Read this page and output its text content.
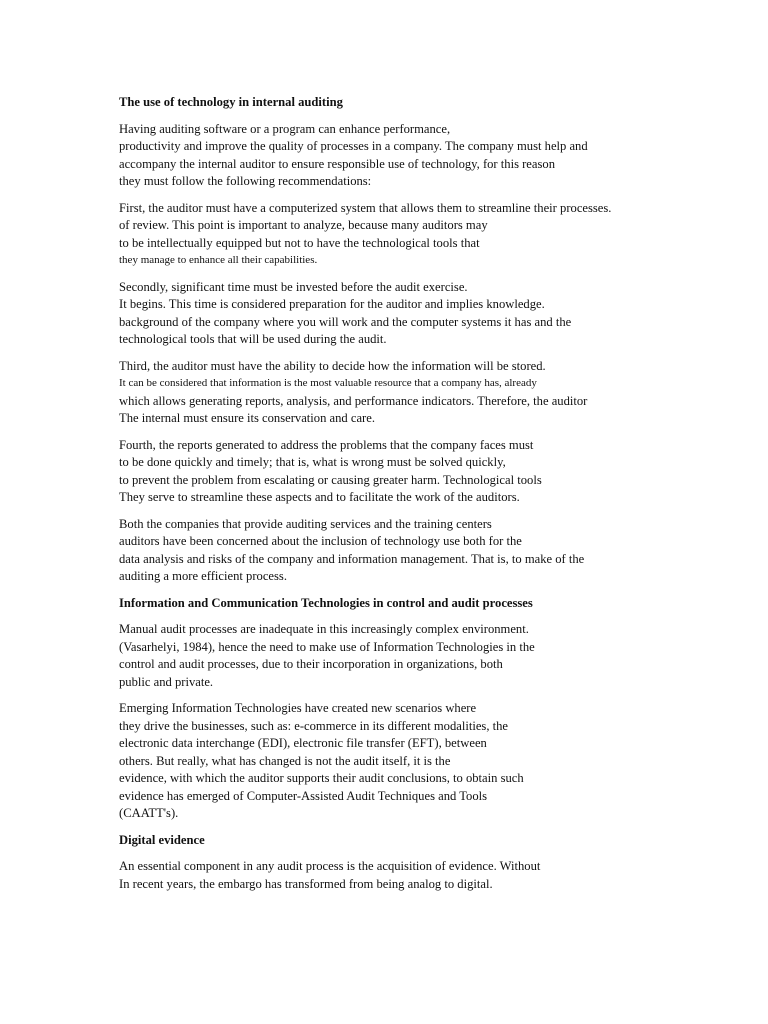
The use of technology in internal auditing
Having auditing software or a program can enhance performance,
productivity and improve the quality of processes in a company. The company must help and
accompany the internal auditor to ensure responsible use of technology, for this reason
they must follow the following recommendations:
First, the auditor must have a computerized system that allows them to streamline their processes.
of review. This point is important to analyze, because many auditors may
to be intellectually equipped but not to have the technological tools that
they manage to enhance all their capabilities.
Secondly, significant time must be invested before the audit exercise.
It begins. This time is considered preparation for the auditor and implies knowledge.
background of the company where you will work and the computer systems it has and the
technological tools that will be used during the audit.
Third, the auditor must have the ability to decide how the information will be stored.
It can be considered that information is the most valuable resource that a company has, already
which allows generating reports, analysis, and performance indicators. Therefore, the auditor
The internal must ensure its conservation and care.
Fourth, the reports generated to address the problems that the company faces must
to be done quickly and timely; that is, what is wrong must be solved quickly,
to prevent the problem from escalating or causing greater harm. Technological tools
They serve to streamline these aspects and to facilitate the work of the auditors.
Both the companies that provide auditing services and the training centers
auditors have been concerned about the inclusion of technology use both for the
data analysis and risks of the company and information management. That is, to make of the
auditing a more efficient process.
Information and Communication Technologies in control and audit processes
Manual audit processes are inadequate in this increasingly complex environment.
(Vasarhelyi, 1984), hence the need to make use of Information Technologies in the
control and audit processes, due to their incorporation in organizations, both
public and private.
Emerging Information Technologies have created new scenarios where
they drive the businesses, such as: e-commerce in its different modalities, the
electronic data interchange (EDI), electronic file transfer (EFT), between
others. But really, what has changed is not the audit itself, it is the
evidence, with which the auditor supports their audit conclusions, to obtain such
evidence has emerged of Computer-Assisted Audit Techniques and Tools
(CAATT's).
Digital evidence
An essential component in any audit process is the acquisition of evidence. Without
In recent years, the embargo has transformed from being analog to digital.
